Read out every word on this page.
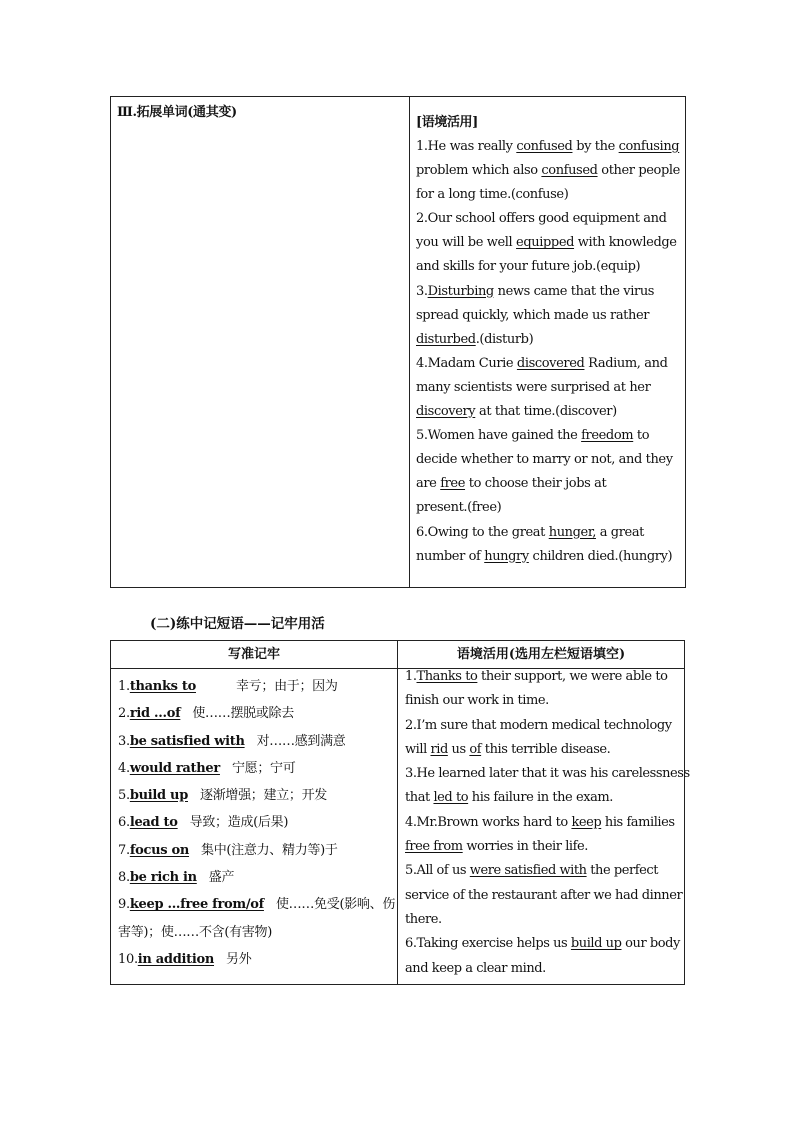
Ⅲ.拓展单词(通其变)
[语境活用]
1.He was really confused by the confusing
problem which also confused other people
for a long time.(confuse)
2.Our school offers good equipment and
you will be well equipped with knowledge
and skills for your future job.(equip)
3.Disturbing news came that the virus
spread quickly, which made us rather
disturbed.(disturb)
4.Madam Curie discovered Radium, and
many scientists were surprised at her
discovery at that time.(discover)
5.Women have gained the freedom to
decide whether to marry or not, and they
are free to choose their jobs at
present.(free)
6.Owing to the great hunger, a great
number of hungry children died.(hungry)
(二)练中记短语——记牢用活
写准记牢	语境活用(选用左栏短语填空)
1.thanks to	幸亏；由于；因为
2.rid ...of 使……摆脱或除去
3.be satisfied with 对……感到满意
4.would rather 宁愿；宁可
5.build up 逐渐增强；建立；开发
6.lead to 导致；造成(后果)
7.focus on 集中(注意力、精力等)于
8.be rich in 盛产
9.keep ...free from/of 使……免受(影响、伤
害等)；使……不含(有害物)
10.in addition 另外
1.Thanks to their support, we were able to
finish our work in time.
2.I’m sure that modern medical technology
will rid us of this terrible disease.
3.He learned later that it was his carelessness
that led to his failure in the exam.
4.Mr.Brown works hard to keep his families
free from worries in their life.
5.All of us were satisfied with the perfect
service of the restaurant after we had dinner
there.
6.Taking exercise helps us build up our body
and keep a clear mind.
